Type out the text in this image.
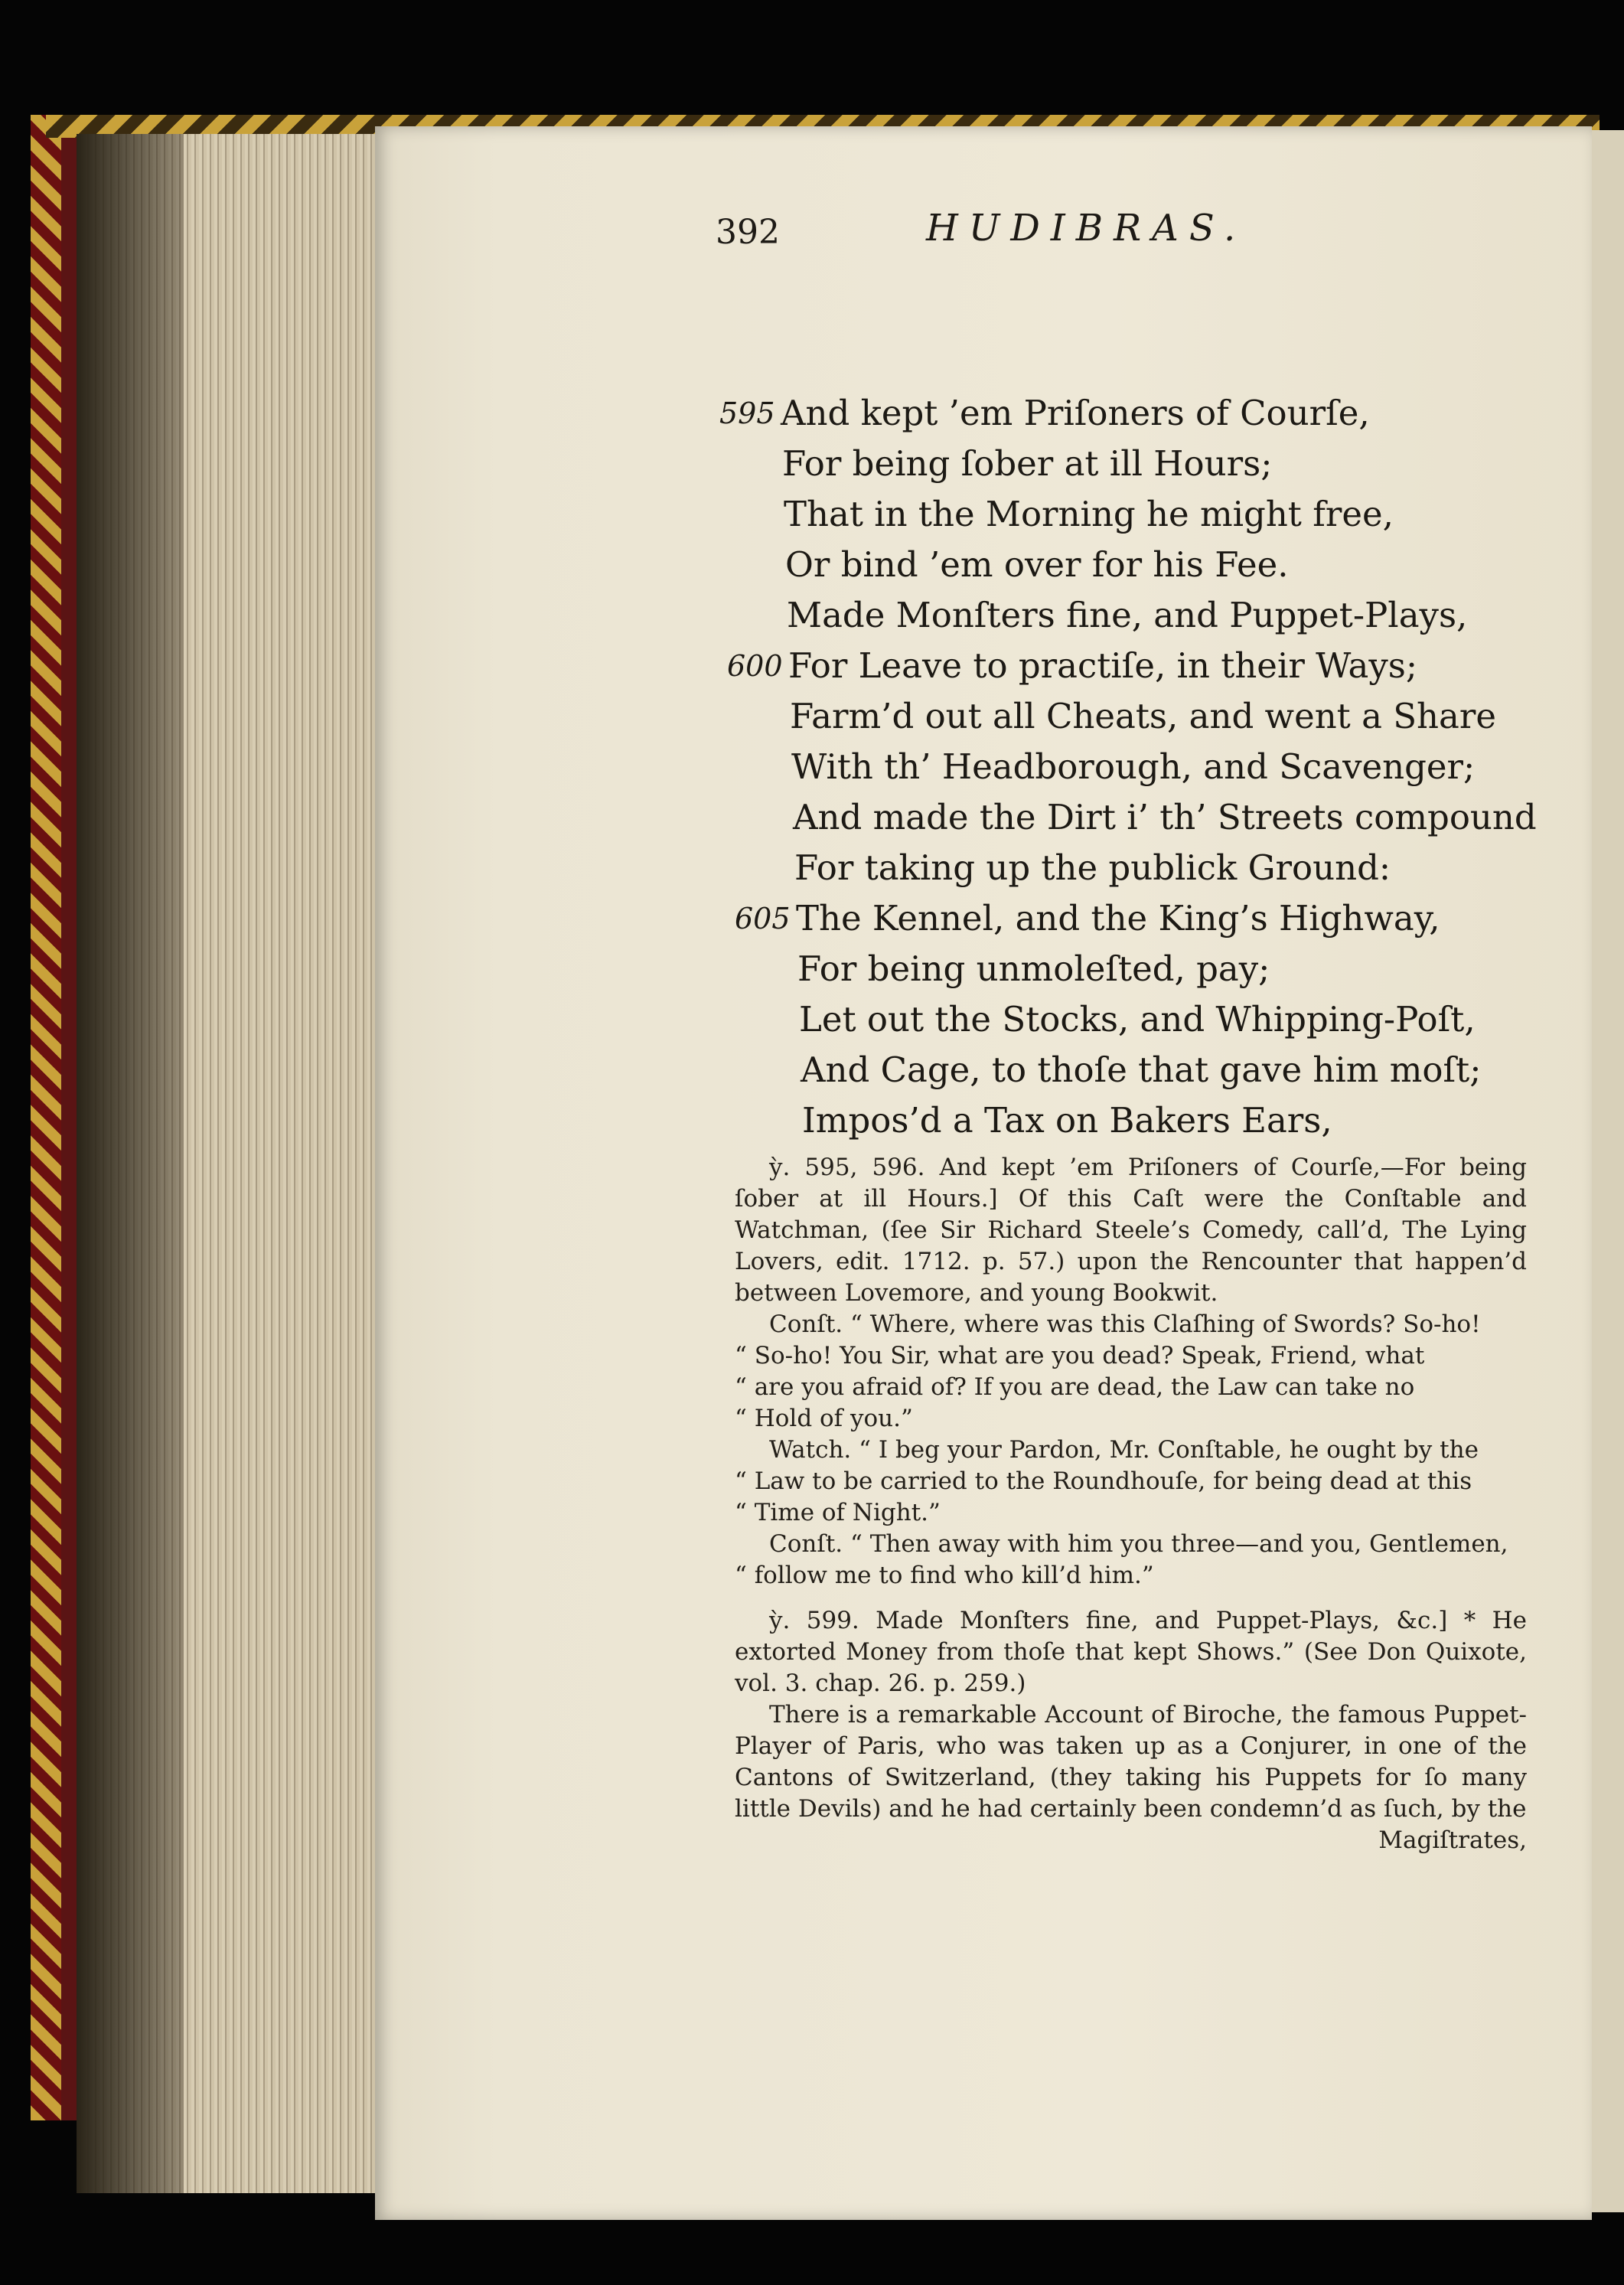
392	HUDIBRAS.
And kept ’em Priſoners of Courſe,
595
For being ſober at ill Hours;
That in the Morning he might free,
Or bind ’em over for his Fee.
Made Monſters fine, and Puppet-Plays,
For Leave to practiſe, in their Ways;
600
Farm’d out all Cheats, and went a Share
With th’ Headborough, and Scavenger;
And made the Dirt i’ th’ Streets compound
For taking up the publick Ground:
The Kennel, and the King’s Highway,
605
For being unmoleſted, pay;
Let out the Stocks, and Whipping-Poſt,
And Cage, to thoſe that gave him moſt;
Impos’d a Tax on Bakers Ears,

ỳ. 595, 596. And kept ’em Priſoners of Courſe,—For being ſober at ill Hours.] Of this Caſt were the Conſtable and Watchman, (ſee Sir Richard Steele’s Comedy, call’d, The Lying Lovers, edit. 1712. p. 57.) upon the Rencounter that happen’d between Lovemore, and young Bookwit.

Conſt. “ Where, where was this Claſhing of Swords? So-ho!

“ So-ho! You Sir, what are you dead? Speak, Friend, what

“ are you afraid of? If you are dead, the Law can take no

“ Hold of you.”

Watch. “ I beg your Pardon, Mr. Conſtable, he ought by the

“ Law to be carried to the Roundhouſe, for being dead at this

“ Time of Night.”

Conſt. “ Then away with him you three—and you, Gentlemen,

“ follow me to find who kill’d him.”

ỳ. 599. Made Monſters fine, and Puppet-Plays, &c.] * He extorted Money from thoſe that kept Shows.” (See Don Quixote, vol. 3. chap. 26. p. 259.)

There is a remarkable Account of Biroche, the famous Puppet-Player of Paris, who was taken up as a Conjurer, in one of the Cantons of Switzerland, (they taking his Puppets for ſo many little Devils) and he had certainly been condemn’d as ſuch, by the

Magiſtrates,
